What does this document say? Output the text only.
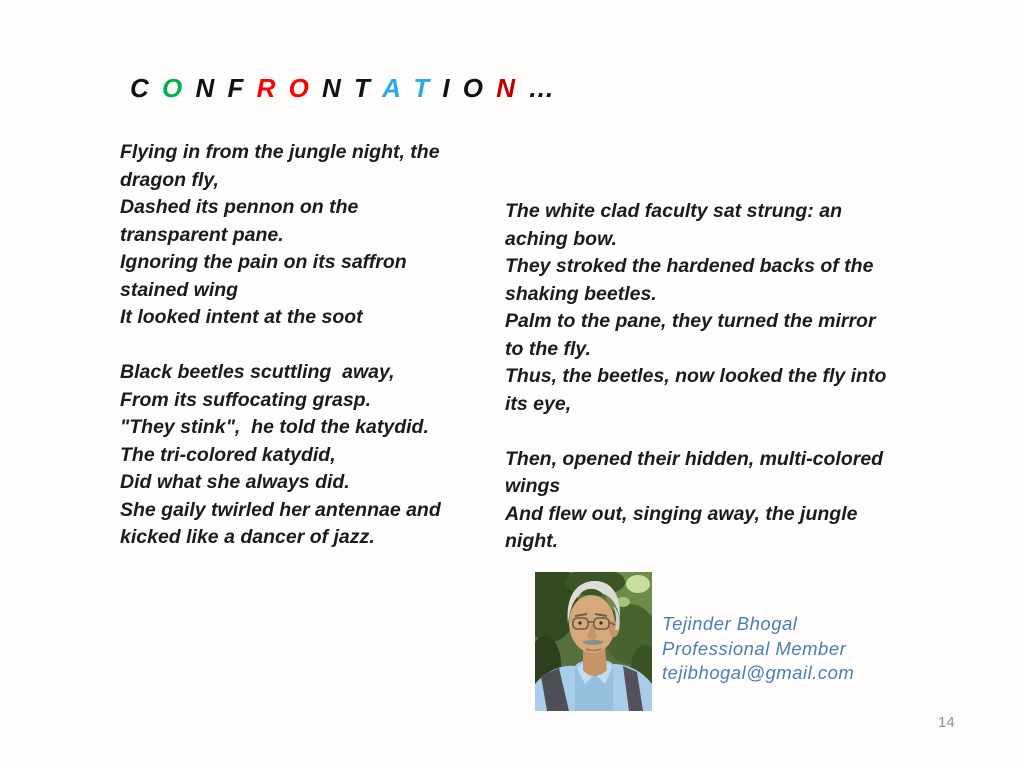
C O N F R O N T A T I O N …
Flying in from the jungle night, the
dragon fly,
Dashed its pennon on the
transparent pane.
Ignoring the pain on its saffron
stained wing
It looked intent at the soot
Black beetles scuttling  away,
From its suffocating grasp.
"They stink",  he told the katydid.
The tri-colored katydid,
Did what she always did.
She gaily twirled her antennae and
kicked like a dancer of jazz.
The white clad faculty sat strung: an
aching bow.
They stroked the hardened backs of the
shaking beetles.
Palm to the pane, they turned the mirror
to the fly.
Thus, the beetles, now looked the fly into
its eye,
Then, opened their hidden, multi-colored
wings
And flew out, singing away, the jungle
night.
Tejinder Bhogal
Professional Member
tejibhogal@gmail.com
14
